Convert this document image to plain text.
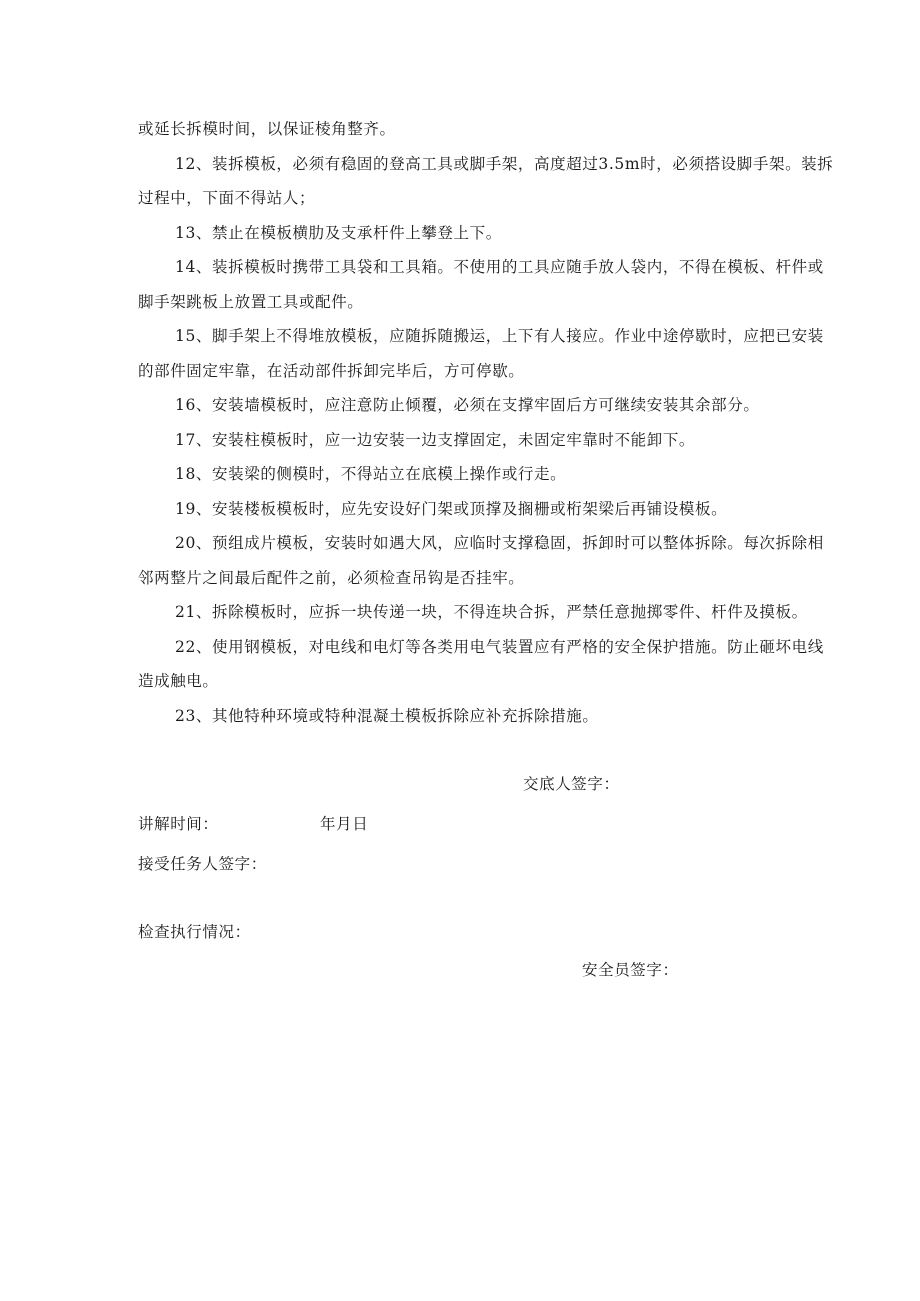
或延长拆模时间，以保证棱角整齐。

12、装拆模板，必须有稳固的登高工具或脚手架，高度超过3.5m时，必须搭设脚手架。装拆过程中，下面不得站人；

13、禁止在模板横肋及支承杆件上攀登上下。

14、装拆模板时携带工具袋和工具箱。不使用的工具应随手放人袋内，不得在模板、杆件或脚手架跳板上放置工具或配件。

15、脚手架上不得堆放模板，应随拆随搬运，上下有人接应。作业中途停歇时，应把已安装的部件固定牢靠，在活动部件拆卸完毕后，方可停歇。

16、安装墙模板时，应注意防止倾覆，必须在支撑牢固后方可继续安装其余部分。

17、安装柱模板时，应一边安装一边支撑固定，未固定牢靠时不能卸下。

18、安装梁的侧模时，不得站立在底模上操作或行走。

19、安装楼板模板时，应先安设好门架或顶撑及搁栅或桁架梁后再铺设模板。

20、预组成片模板，安装时如遇大风，应临时支撑稳固，拆卸时可以整体拆除。每次拆除相邻两整片之间最后配件之前，必须检查吊钩是否挂牢。

21、拆除模板时，应拆一块传递一块，不得连块合拆，严禁任意抛掷零件、杆件及摸板。

22、使用钢模板，对电线和电灯等各类用电气装置应有严格的安全保护措施。防止砸坏电线造成触电。

23、其他特种环境或特种混凝土模板拆除应补充拆除措施。

交底人签字：

讲解时间：	年月日

接受任务人签字：

检查执行情况：

安全员签字：
